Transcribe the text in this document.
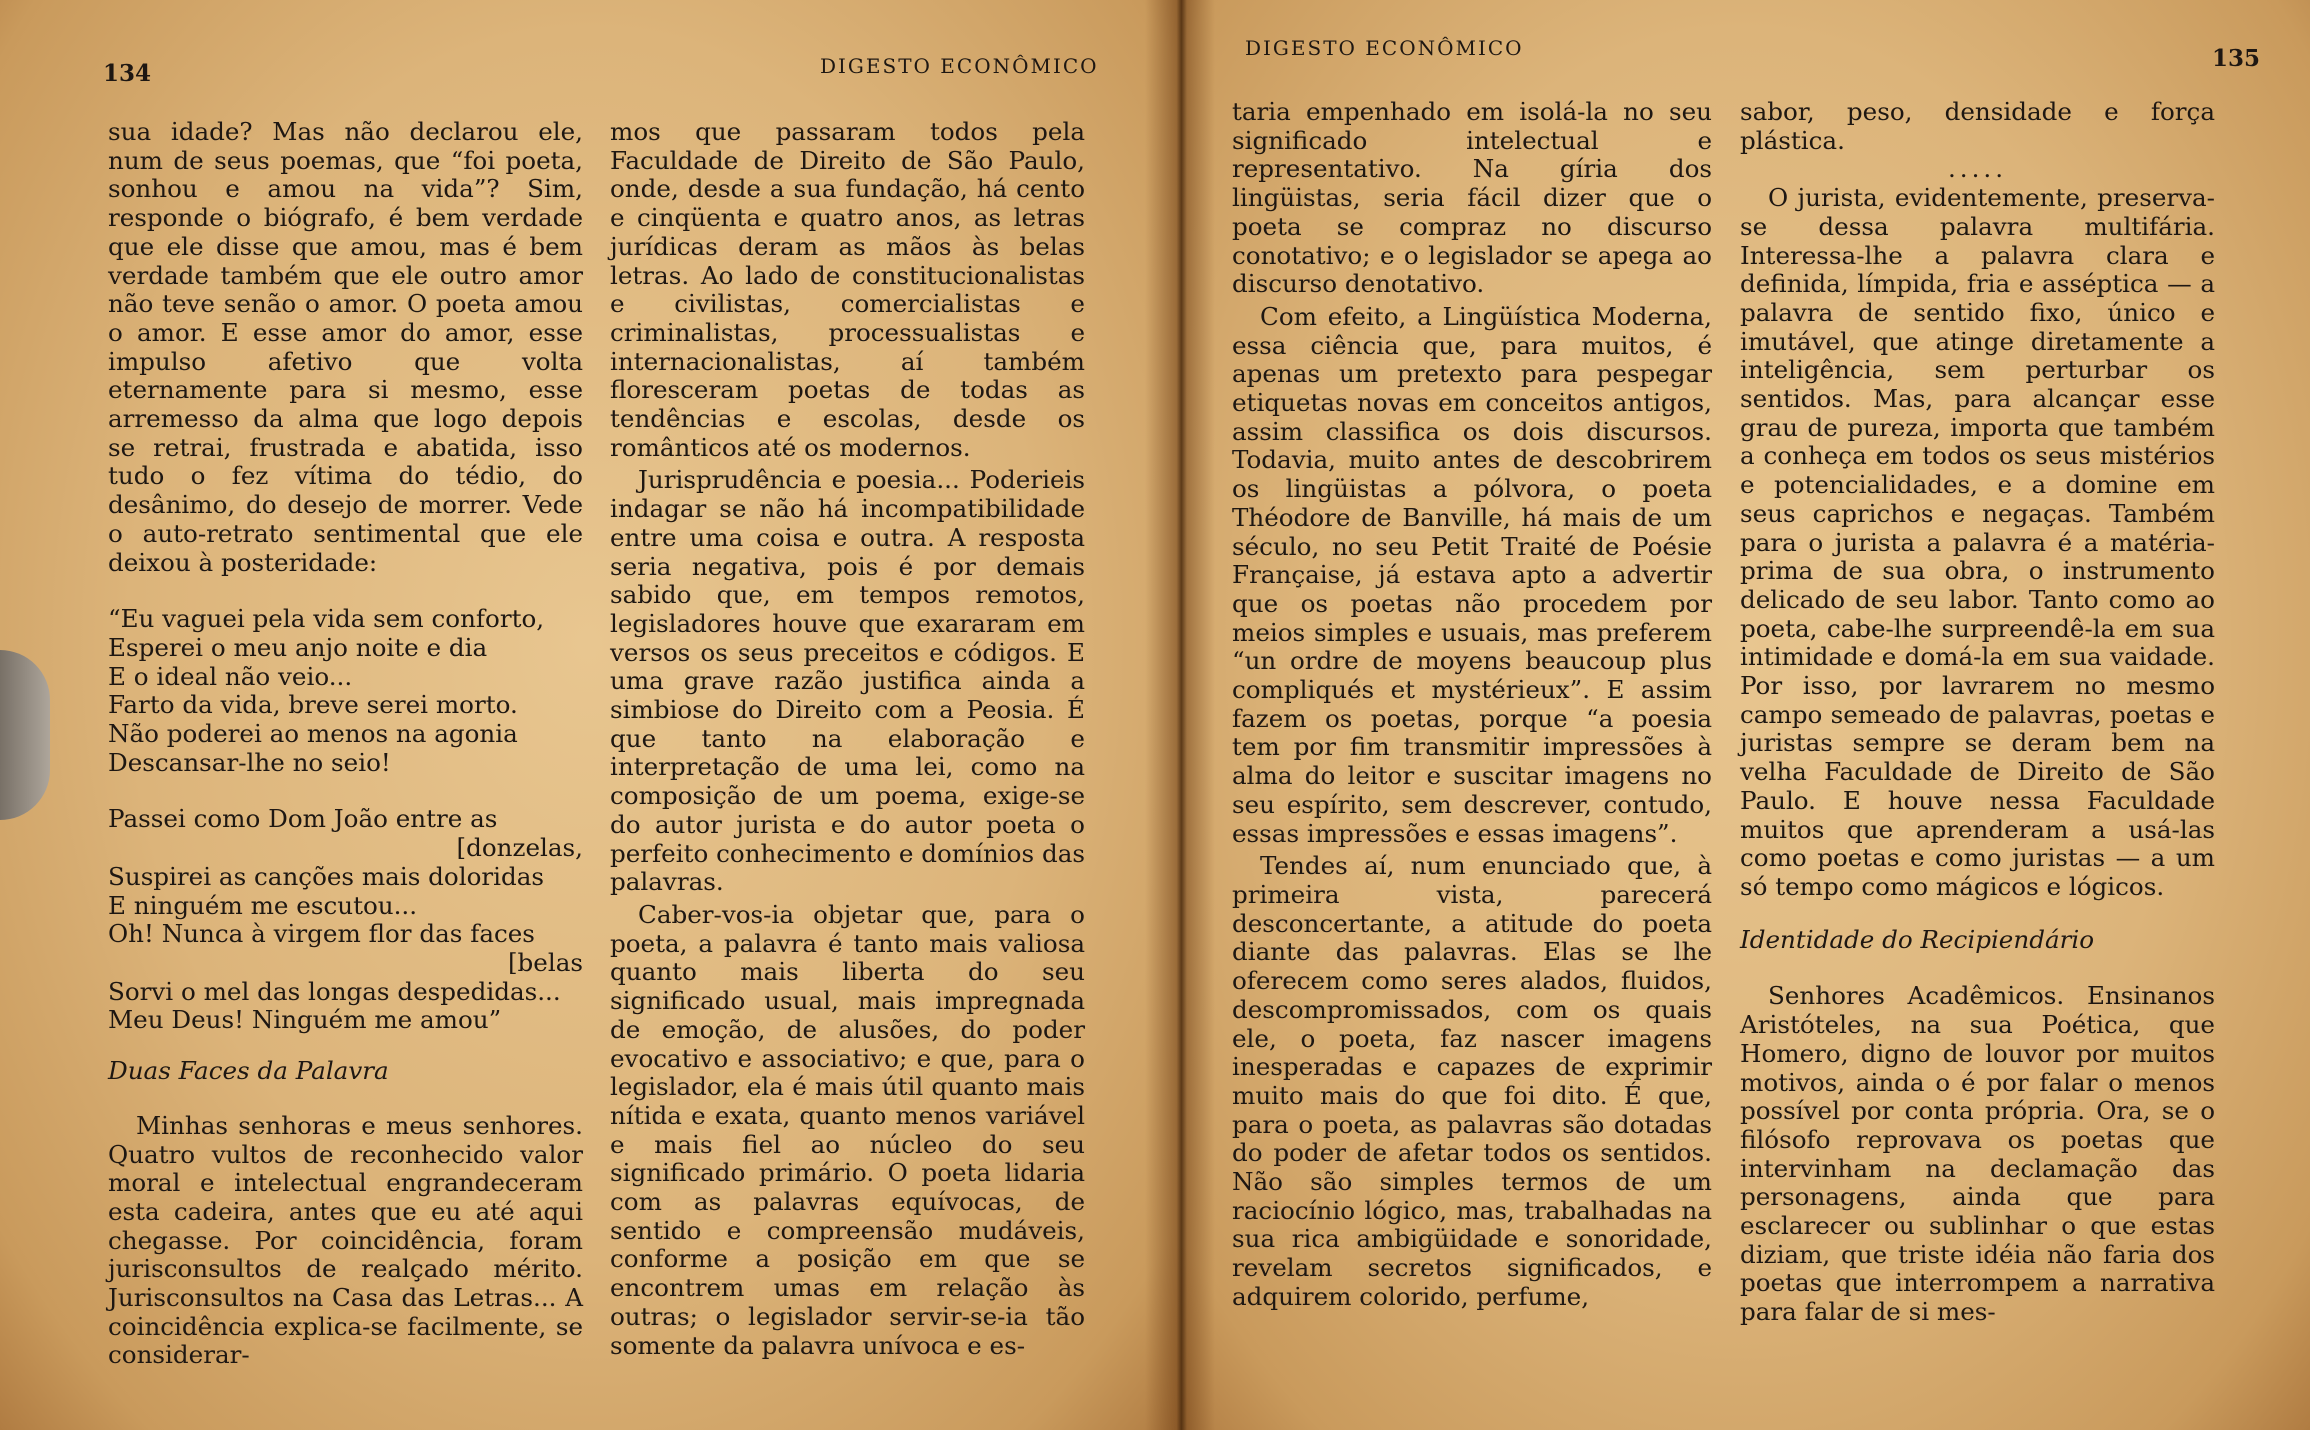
134	DIGESTO ECONÔMICO

sua idade? Mas não declarou ele, num de seus poemas, que “foi poeta, sonhou e amou na vida”? Sim, responde o biógrafo, é bem verdade que ele disse que amou, mas é bem verdade também que ele outro amor não teve senão o amor. O poeta amou o amor. E esse amor do amor, esse impulso afetivo que volta eternamente para si mesmo, esse arremesso da alma que logo depois se retrai, frustrada e abatida, isso tudo o fez vítima do tédio, do desânimo, do desejo de morrer. Vede o auto-retrato sentimental que ele deixou à posteridade:

“Eu vaguei pela vida sem conforto,
Esperei o meu anjo noite e dia
E o ideal não veio...
Farto da vida, breve serei morto.
Não poderei ao menos na agonia
Descansar-lhe no seio!
Passei como Dom João entre as
[donzelas,
Suspirei as canções mais doloridas
E ninguém me escutou...
Oh! Nunca à virgem flor das faces
[belas
Sorvi o mel das longas despedidas...
Meu Deus! Ninguém me amou”

Duas Faces da Palavra

Minhas senhoras e meus senhores. Quatro vultos de reconhecido valor moral e intelectual engrandeceram esta cadeira, antes que eu até aqui chegasse. Por coincidência, foram jurisconsultos de realçado mérito. Jurisconsultos na Casa das Letras... A coincidência explica-se facilmente, se considerar-

mos que passaram todos pela Faculdade de Direito de São Paulo, onde, desde a sua fundação, há cento e cinqüenta e quatro anos, as letras jurídicas deram as mãos às belas letras. Ao lado de constitucionalistas e civilistas, comercialistas e criminalistas, processualistas e internacionalistas, aí também floresceram poetas de todas as tendências e escolas, desde os românticos até os modernos.

Jurisprudência e poesia... Poderieis indagar se não há incompatibilidade entre uma coisa e outra. A resposta seria negativa, pois é por demais sabido que, em tempos remotos, legisladores houve que exararam em versos os seus preceitos e códigos. E uma grave razão justifica ainda a simbiose do Direito com a Peosia. É que tanto na elaboração e interpretação de uma lei, como na composição de um poema, exige-se do autor jurista e do autor poeta o perfeito conhecimento e domínios das palavras.

Caber-vos-ia objetar que, para o poeta, a palavra é tanto mais valiosa quanto mais liberta do seu significado usual, mais impregnada de emoção, de alusões, do poder evocativo e associativo; e que, para o legislador, ela é mais útil quanto mais nítida e exata, quanto menos variável e mais fiel ao núcleo do seu significado primário. O poeta lidaria com as palavras equívocas, de sentido e compreensão mudáveis, conforme a posição em que se encontrem umas em relação às outras; o legislador servir-se-ia tão somente da palavra unívoca e es-

DIGESTO ECONÔMICO	135

taria empenhado em isolá-la no seu significado intelectual e representativo. Na gíria dos lingüistas, seria fácil dizer que o poeta se compraz no discurso conotativo; e o legislador se apega ao discurso denotativo.

Com efeito, a Lingüística Moderna, essa ciência que, para muitos, é apenas um pretexto para pespegar etiquetas novas em conceitos antigos, assim classifica os dois discursos. Todavia, muito antes de descobrirem os lingüistas a pólvora, o poeta Théodore de Banville, há mais de um século, no seu Petit Traité de Poésie Française, já estava apto a advertir que os poetas não procedem por meios simples e usuais, mas preferem “un ordre de moyens beaucoup plus compliqués et mystérieux”. E assim fazem os poetas, porque “a poesia tem por fim transmitir impressões à alma do leitor e suscitar imagens no seu espírito, sem descrever, contudo, essas impressões e essas imagens”.

Tendes aí, num enunciado que, à primeira vista, parecerá desconcertante, a atitude do poeta diante das palavras. Elas se lhe oferecem como seres alados, fluidos, descompromissados, com os quais ele, o poeta, faz nascer imagens inesperadas e capazes de exprimir muito mais do que foi dito. É que, para o poeta, as palavras são dotadas do poder de afetar todos os sentidos. Não são simples termos de um raciocínio lógico, mas, trabalhadas na sua rica ambigüidade e sonoridade, revelam secretos significados, e adquirem colorido, perfume,

sabor, peso, densidade e força plástica.

.....

O jurista, evidentemente, preserva-se dessa palavra multifária. Interessa-lhe a palavra clara e definida, límpida, fria e asséptica — a palavra de sentido fixo, único e imutável, que atinge diretamente a inteligência, sem perturbar os sentidos. Mas, para alcançar esse grau de pureza, importa que também a conheça em todos os seus mistérios e potencialidades, e a domine em seus caprichos e negaças. Também para o jurista a palavra é a matéria-prima de sua obra, o instrumento delicado de seu labor. Tanto como ao poeta, cabe-lhe surpreendê-la em sua intimidade e domá-la em sua vaidade. Por isso, por lavrarem no mesmo campo semeado de palavras, poetas e juristas sempre se deram bem na velha Faculdade de Direito de São Paulo. E houve nessa Faculdade muitos que aprenderam a usá-las como poetas e como juristas — a um só tempo como mágicos e lógicos.

Identidade do Recipiendário

Senhores Acadêmicos. Ensinanos Aristóteles, na sua Poética, que Homero, digno de louvor por muitos motivos, ainda o é por falar o menos possível por conta própria. Ora, se o filósofo reprovava os poetas que intervinham na declamação das personagens, ainda que para esclarecer ou sublinhar o que estas diziam, que triste idéia não faria dos poetas que interrompem a narrativa para falar de si mes-
